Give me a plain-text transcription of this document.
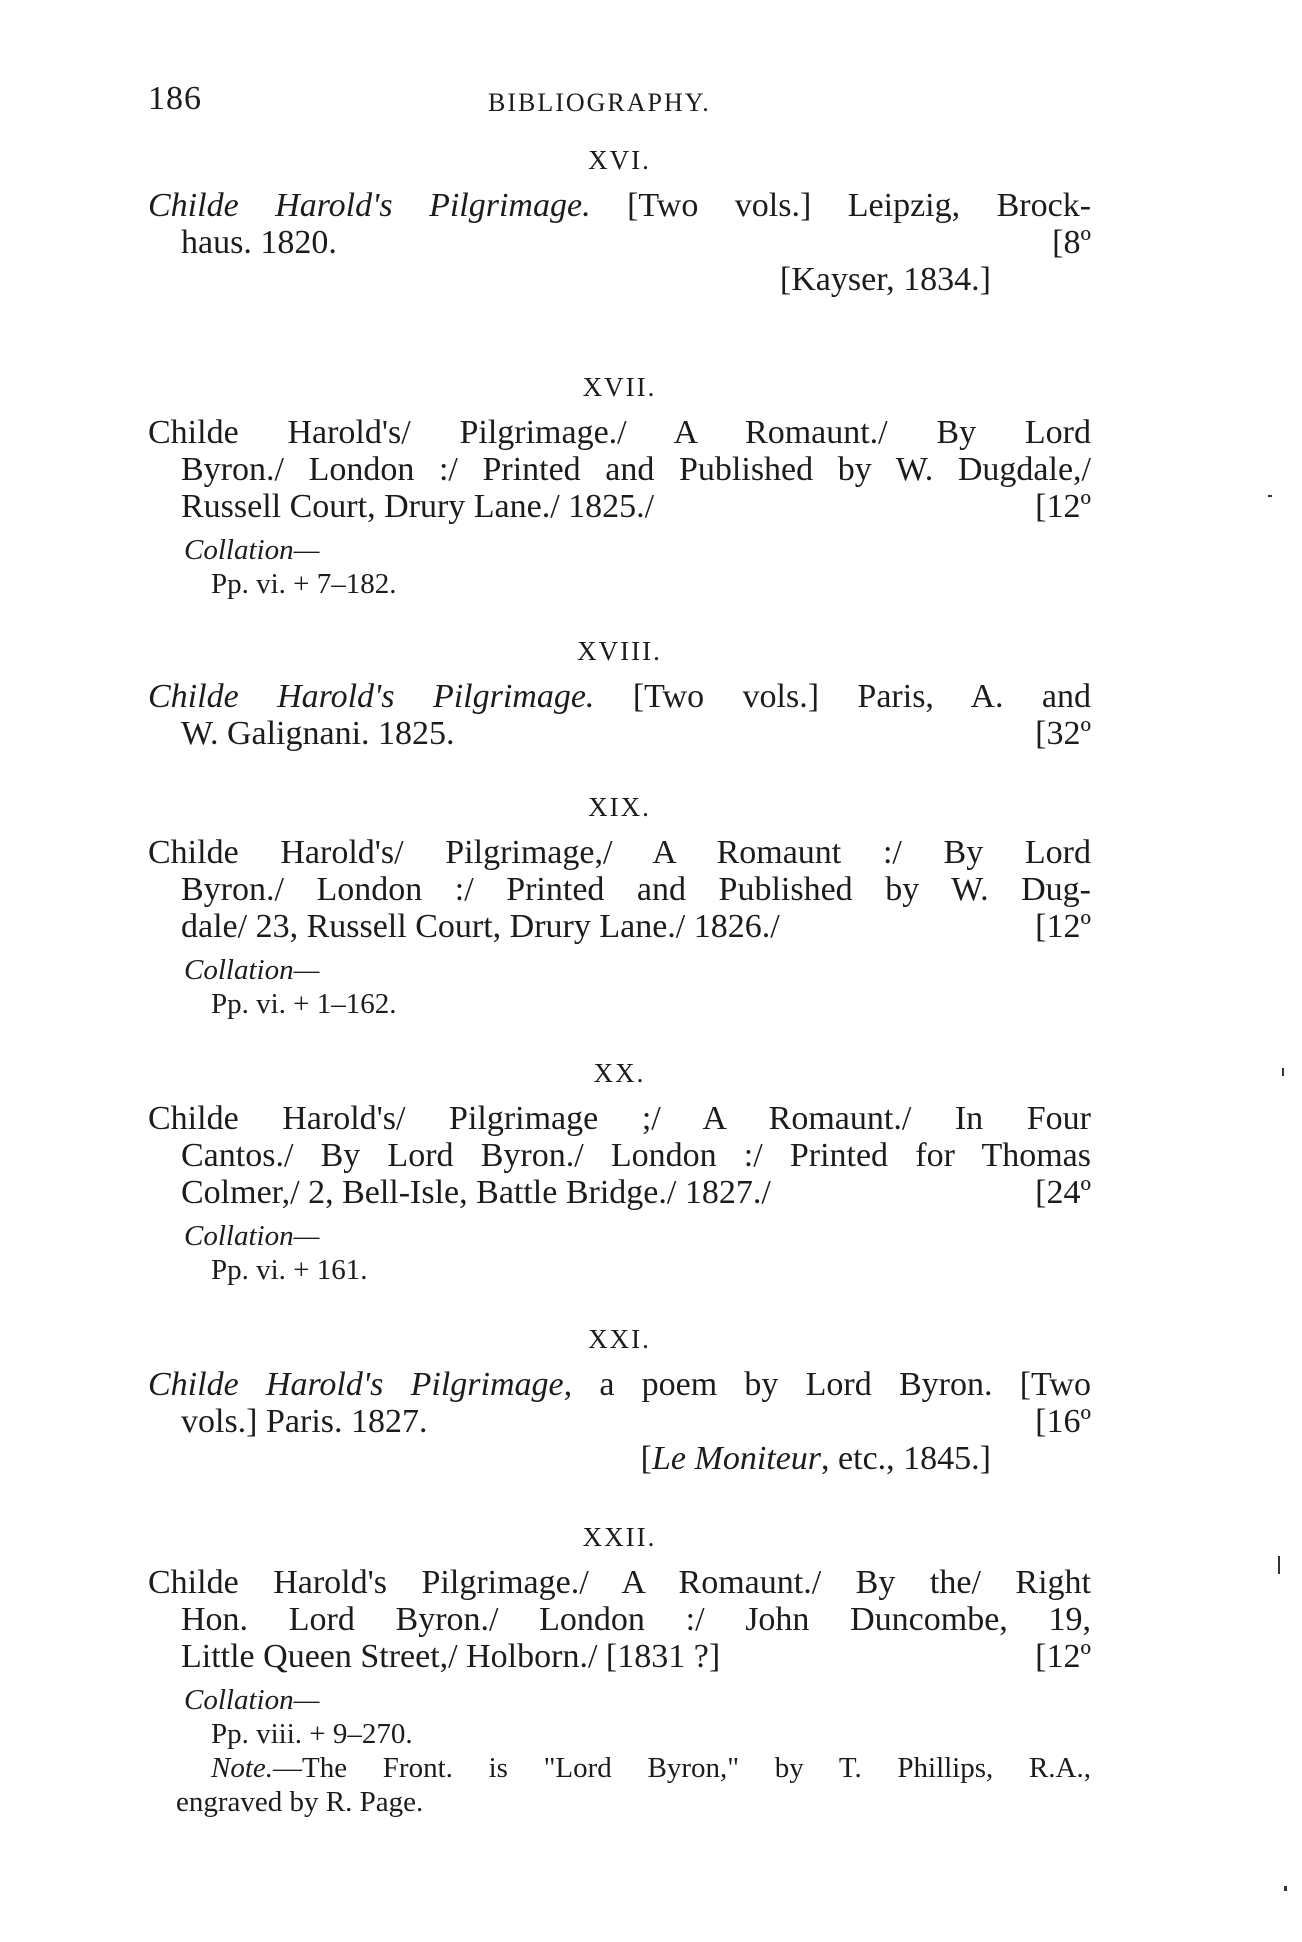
186	BIBLIOGRAPHY.
XVI.
Childe Harold's Pilgrimage. [Two vols.] Leipzig, Brock-
haus. 1820.	[8º
[Kayser, 1834.]
XVII.
Childe Harold's/ Pilgrimage./ A Romaunt./ By Lord
Byron./ London :/ Printed and Published by W. Dugdale,/
Russell Court, Drury Lane./ 1825./	[12º
Collation—
Pp. vi. + 7–182.
XVIII.
Childe Harold's Pilgrimage. [Two vols.] Paris, A. and
W. Galignani. 1825.	[32º
XIX.
Childe Harold's/ Pilgrimage,/ A Romaunt :/ By Lord
Byron./ London :/ Printed and Published by W. Dug-
dale/ 23, Russell Court, Drury Lane./ 1826./	[12º
Collation—
Pp. vi. + 1–162.
XX.
Childe Harold's/ Pilgrimage ;/ A Romaunt./ In Four
Cantos./ By Lord Byron./ London :/ Printed for Thomas
Colmer,/ 2, Bell-Isle, Battle Bridge./ 1827./	[24º
Collation—
Pp. vi. + 161.
XXI.
Childe Harold's Pilgrimage, a poem by Lord Byron. [Two
vols.] Paris. 1827.	[16º
[Le Moniteur, etc., 1845.]
XXII.
Childe Harold's Pilgrimage./ A Romaunt./ By the/ Right
Hon. Lord Byron./ London :/ John Duncombe, 19,
Little Queen Street,/ Holborn./ [1831 ?]	[12º
Collation—
Pp. viii. + 9–270.
Note.—The Front. is "Lord Byron," by T. Phillips, R.A.,
engraved by R. Page.
